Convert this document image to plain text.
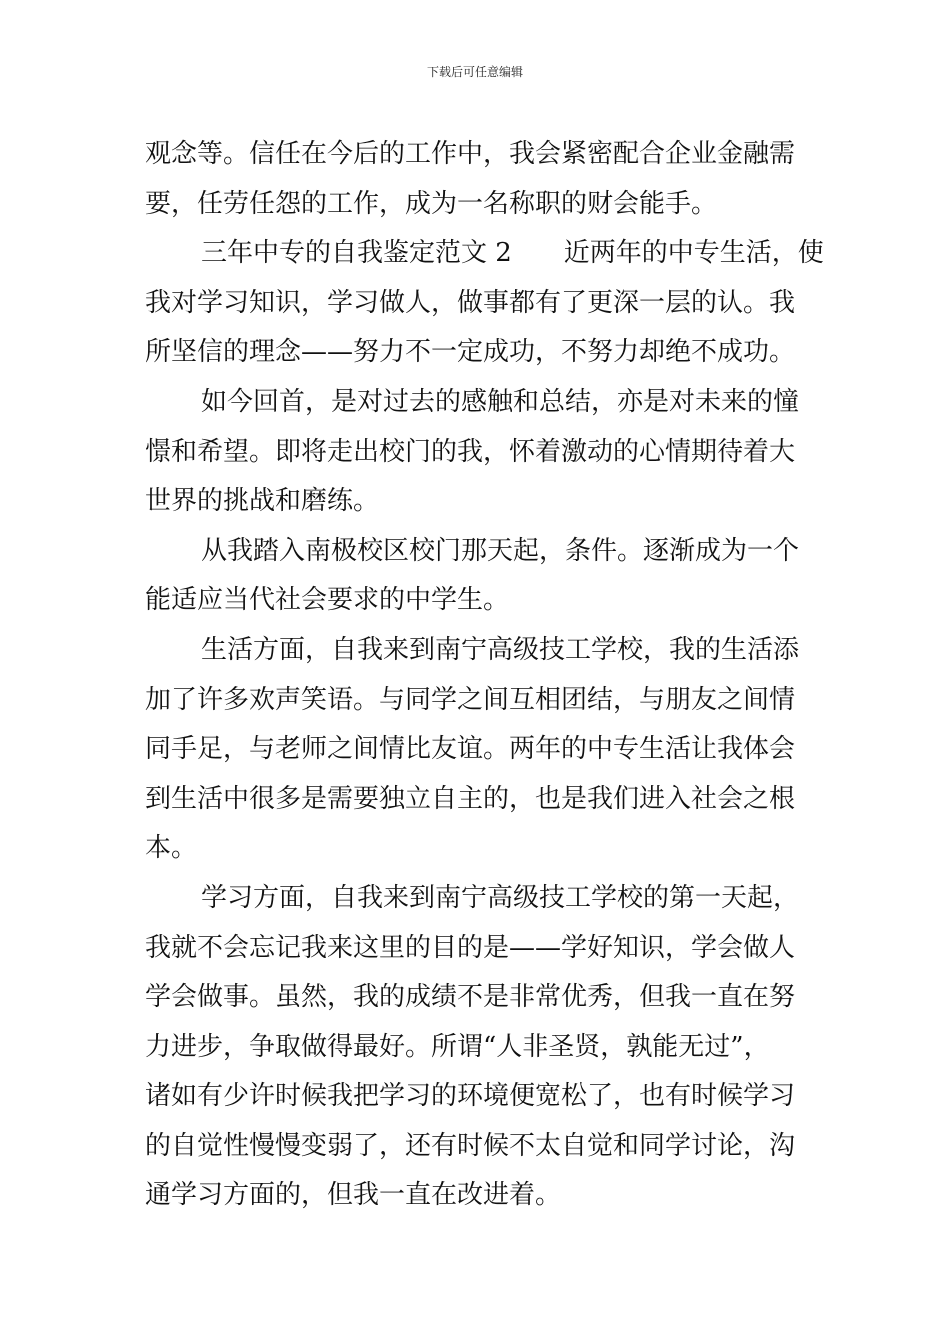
下载后可任意编辑
观念等。信任在今后的工作中，我会紧密配合企业金融需
要，任劳任怨的工作，成为一名称职的财会能手。
三年中专的自我鉴定范文 2　　近两年的中专生活，使
我对学习知识，学习做人，做事都有了更深一层的认。我
所坚信的理念——努力不一定成功，不努力却绝不成功。
如今回首，是对过去的感触和总结，亦是对未来的憧
憬和希望。即将走出校门的我，怀着激动的心情期待着大
世界的挑战和磨练。
从我踏入南极校区校门那天起，条件。逐渐成为一个
能适应当代社会要求的中学生。
生活方面，自我来到南宁高级技工学校，我的生活添
加了许多欢声笑语。与同学之间互相团结，与朋友之间情
同手足，与老师之间情比友谊。两年的中专生活让我体会
到生活中很多是需要独立自主的，也是我们进入社会之根
本。
学习方面，自我来到南宁高级技工学校的第一天起，
我就不会忘记我来这里的目的是——学好知识，学会做人
学会做事。虽然，我的成绩不是非常优秀，但我一直在努
力进步，争取做得最好。所谓“人非圣贤，孰能无过”，
诸如有少许时候我把学习的环境便宽松了，也有时候学习
的自觉性慢慢变弱了，还有时候不太自觉和同学讨论，沟
通学习方面的，但我一直在改进着。
